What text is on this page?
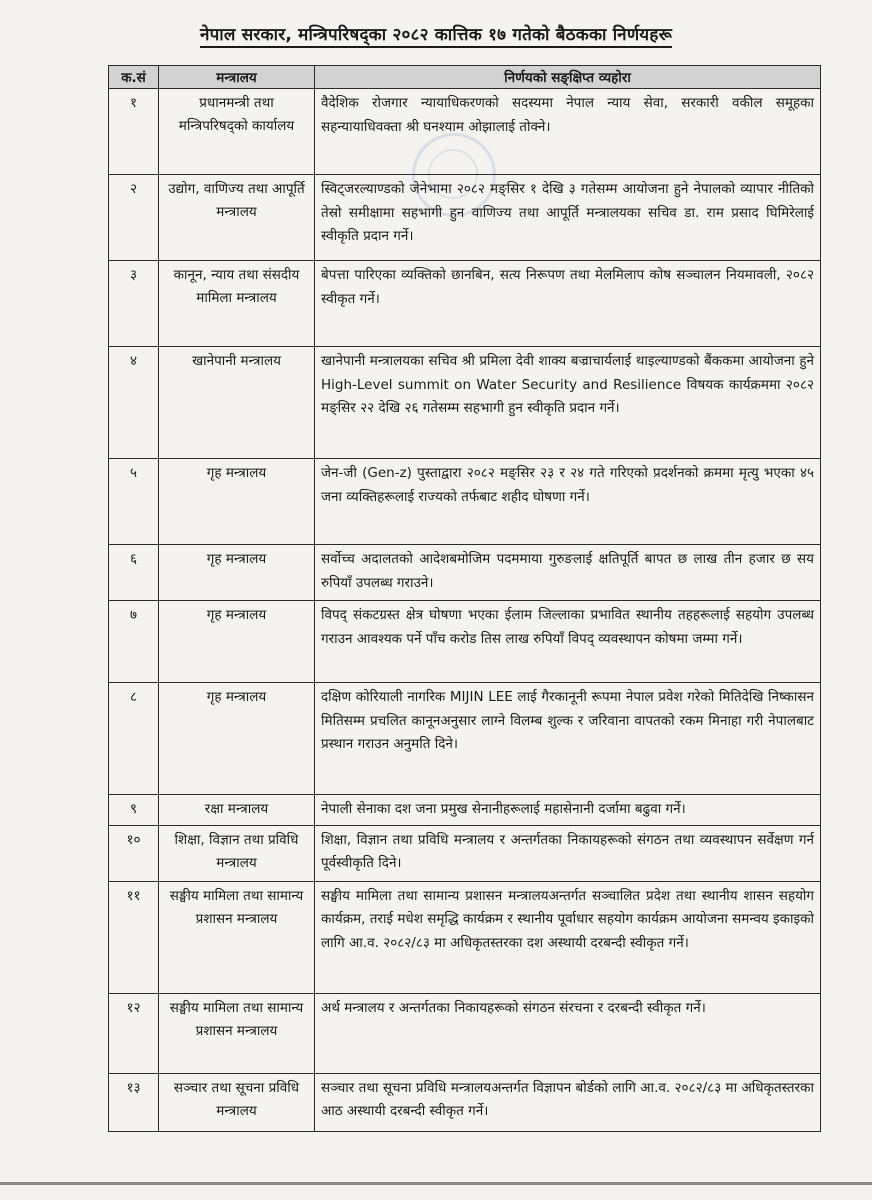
नेपाल सरकार, मन्त्रिपरिषद्का २०८२ कात्तिक १७ गतेको बैठकका निर्णयहरू
क.सं	मन्त्रालय	निर्णयको सङ्क्षिप्त व्यहोरा
१	प्रधानमन्त्री तथा मन्त्रिपरिषद्को कार्यालय	वैदेशिक रोजगार न्यायाधिकरणको सदस्यमा नेपाल न्याय सेवा, सरकारी वकील समूहका सहन्यायाधिवक्ता श्री घनश्याम ओझालाई तोक्ने।
२	उद्योग, वाणिज्य तथा आपूर्ति मन्त्रालय	स्विट्जरल्याण्डको जेनेभामा २०८२ मङ्सिर १ देखि ३ गतेसम्म आयोजना हुने नेपालको व्यापार नीतिको तेस्रो समीक्षामा सहभागी हुन वाणिज्य तथा आपूर्ति मन्त्रालयका सचिव डा. राम प्रसाद घिमिरेलाई स्वीकृति प्रदान गर्ने।
३	कानून, न्याय तथा संसदीय मामिला मन्त्रालय	बेपत्ता पारिएका व्यक्तिको छानबिन, सत्य निरूपण तथा मेलमिलाप कोष सञ्चालन नियमावली, २०८२ स्वीकृत गर्ने।
४	खानेपानी मन्त्रालय	खानेपानी मन्त्रालयका सचिव श्री प्रमिला देवी शाक्य बज्राचार्यलाई थाइल्याण्डको बैंककमा आयोजना हुने High-Level summit on Water Security and Resilience विषयक कार्यक्रममा २०८२ मङ्सिर २२ देखि २६ गतेसम्म सहभागी हुन स्वीकृति प्रदान गर्ने।
५	गृह मन्त्रालय	जेन-जी (Gen-z) पुस्ताद्वारा २०८२ मङ्सिर २३ र २४ गते गरिएको प्रदर्शनको क्रममा मृत्यु भएका ४५ जना व्यक्तिहरूलाई राज्यको तर्फबाट शहीद घोषणा गर्ने।
६	गृह मन्त्रालय	सर्वोच्च अदालतको आदेशबमोजिम पदममाया गुरुङलाई क्षतिपूर्ति बापत छ लाख तीन हजार छ सय रुपियाँ उपलब्ध गराउने।
७	गृह मन्त्रालय	विपद् संकटग्रस्त क्षेत्र घोषणा भएका ईलाम जिल्लाका प्रभावित स्थानीय तहहरूलाई सहयोग उपलब्ध गराउन आवश्यक पर्ने पाँच करोड तिस लाख रुपियाँ विपद् व्यवस्थापन कोषमा जम्मा गर्ने।
८	गृह मन्त्रालय	दक्षिण कोरियाली नागरिक MIJIN LEE लाई गैरकानूनी रूपमा नेपाल प्रवेश गरेको मितिदेखि निष्कासन मितिसम्म प्रचलित कानूनअनुसार लाग्ने विलम्ब शुल्क र जरिवाना वापतको रकम मिनाहा गरी नेपालबाट प्रस्थान गराउन अनुमति दिने।
९	रक्षा मन्त्रालय	नेपाली सेनाका दश जना प्रमुख सेनानीहरूलाई महासेनानी दर्जामा बढुवा गर्ने।
१०	शिक्षा, विज्ञान तथा प्रविधि मन्त्रालय	शिक्षा, विज्ञान तथा प्रविधि मन्त्रालय र अन्तर्गतका निकायहरूको संगठन तथा व्यवस्थापन सर्वेक्षण गर्न पूर्वस्वीकृति दिने।
११	सङ्घीय मामिला तथा सामान्य प्रशासन मन्त्रालय	सङ्घीय मामिला तथा सामान्य प्रशासन मन्त्रालयअन्तर्गत सञ्चालित प्रदेश तथा स्थानीय शासन सहयोग कार्यक्रम, तराई मधेश समृद्धि कार्यक्रम र स्थानीय पूर्वाधार सहयोग कार्यक्रम आयोजना समन्वय इकाइको लागि आ.व. २०८२/८३ मा अधिकृतस्तरका दश अस्थायी दरबन्दी स्वीकृत गर्ने।
१२	सङ्घीय मामिला तथा सामान्य प्रशासन मन्त्रालय	अर्थ मन्त्रालय र अन्तर्गतका निकायहरूको संगठन संरचना र दरबन्दी स्वीकृत गर्ने।
१३	सञ्चार तथा सूचना प्रविधि मन्त्रालय	सञ्चार तथा सूचना प्रविधि मन्त्रालयअन्तर्गत विज्ञापन बोर्डको लागि आ.व. २०८२/८३ मा अधिकृतस्तरका आठ अस्थायी दरबन्दी स्वीकृत गर्ने।
